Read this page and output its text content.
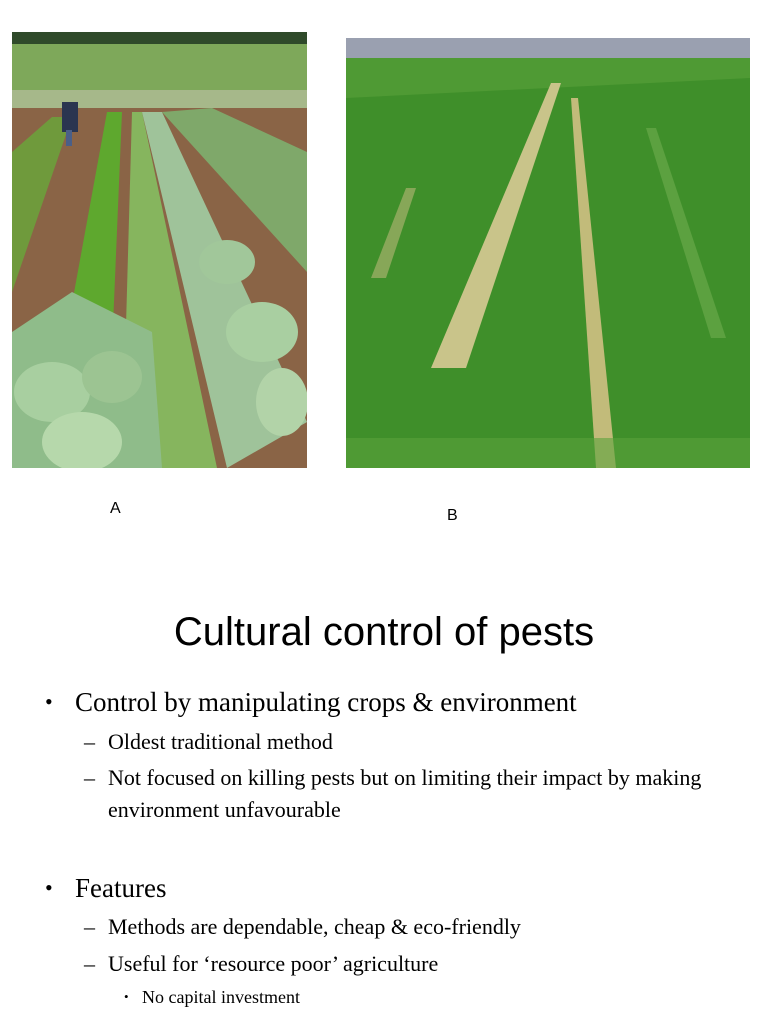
A	B
Cultural control of pests
• Control by manipulating crops & environment
– Oldest traditional method
– Not focused on killing pests but on limiting their impact by making environment unfavourable
• Features
– Methods are dependable, cheap & eco-friendly
– Useful for ‘resource poor’ agriculture
• No capital investment
